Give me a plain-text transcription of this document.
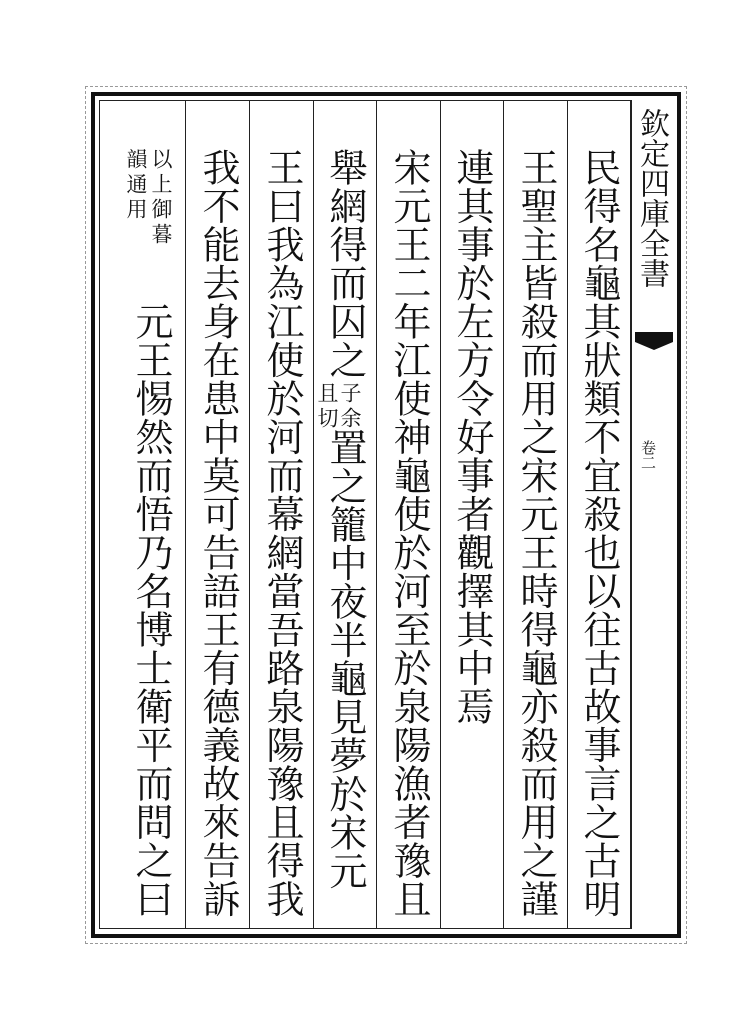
欽定四庫全書
卷二
民得名龜其狀類不宜殺也以往古故事言之古明
王聖主皆殺而用之宋元王時得龜亦殺而用之謹
連其事於左方令好事者觀擇其中焉
宋元王二年江使神龜使於河至於泉陽漁者豫且
舉網得而囚之
子余
且切
置之籠中夜半龜見夢於宋元
王曰我為江使於河而幕網當吾路泉陽豫且得我
我不能去身在患中莫可告語王有德義故來告訴
以上御暮
韻通用
元王惕然而悟乃名博士衛平而問之曰
